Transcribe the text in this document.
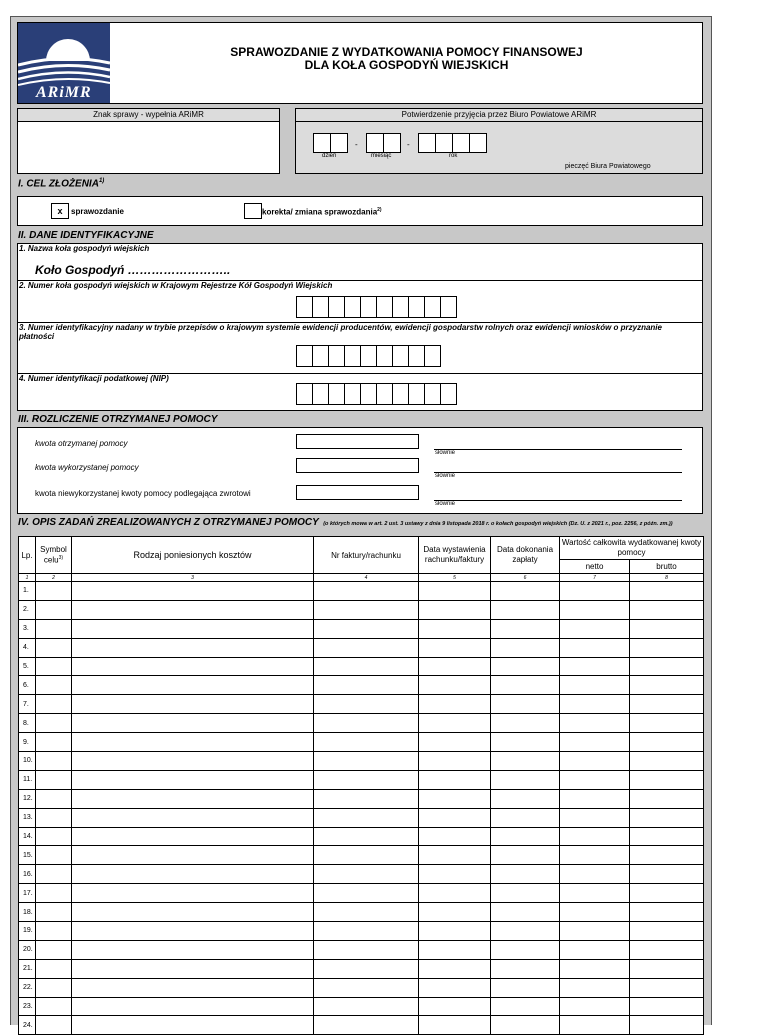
ARiMR
SPRAWOZDANIE Z WYDATKOWANIA POMOCY FINANSOWEJ
DLA KOŁA GOSPODYŃ WIEJSKICH
Znak sprawy - wypełnia ARiMR	Potwierdzenie przyjęcia przez Biuro Powiatowe ARiMR
-	-
dzień	miesiąc	rok
pieczęć Biura Powiatowego
I. CEL ZŁOŻENIA$^{1)}$
x	sprawozdanie	korekta/ zmiana sprawozdania$^{2)}$
II. DANE IDENTYFIKACYJNE
1. Nazwa koła gospodyń wiejskich
Koło Gospodyń ……………………..
2. Numer koła gospodyń wiejskich w Krajowym Rejestrze Kół Gospodyń Wiejskich
3. Numer identyfikacyjny nadany w trybie przepisów o krajowym systemie ewidencji producentów, ewidencji gospodarstw rolnych oraz ewidencji wniosków o przyznanie płatności
4. Numer identyfikacji podatkowej (NIP)
III. ROZLICZENIE OTRZYMANEJ POMOCY
kwota otrzymanej pomocy
słownie
kwota wykorzystanej pomocy
słownie
kwota niewykorzystanej kwoty pomocy podlegająca zwrotowi
słownie
IV. OPIS ZADAŃ ZREALIZOWANYCH Z OTRZYMANEJ POMOCY (o których mowa w art. 2 ust. 3 ustawy z dnia 9 listopada 2018 r. o kołach gospodyń wiejskich (Dz. U. z 2021 r., poz. 2256, z późn. zm.))
Lp.	Symbol celu$^{3)}$	Rodzaj poniesionych kosztów	Nr faktury/rachunku	Data wystawienia rachunku/faktury	Data dokonania zapłaty	Wartość całkowita wydatkowanej kwoty pomocy	
						netto	brutto
1	2	3	4	5	6	7	8
1.							
2.							
3.							
4.							
5.							
6.							
7.							
8.							
9.							
10.							
11.							
12.							
13.							
14.							
15.							
16.							
17.							
18.							
19.							
20.							
21.							
22.							
23.							
24.							
